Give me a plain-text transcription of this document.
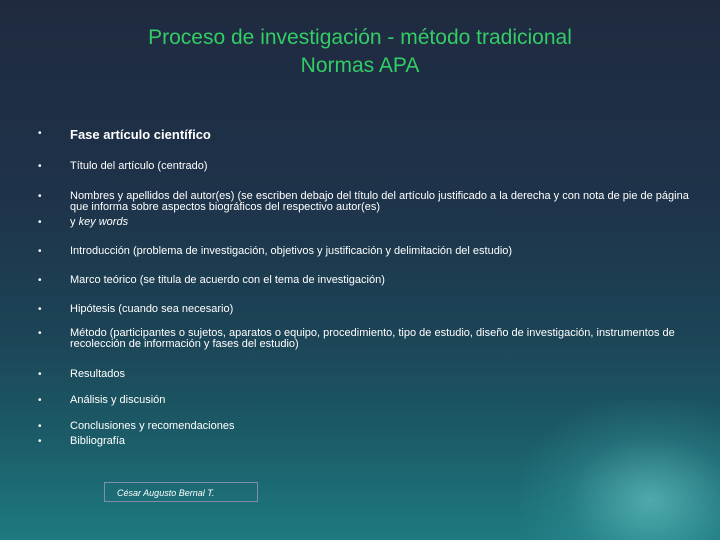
Proceso de investigación - método tradicional
Normas APA
•	Fase artículo científico
•	Título del artículo (centrado)
•	Nombres y apellidos del autor(es) (se escriben debajo del título del artículo justificado a la derecha y con nota de pie de página que informa sobre aspectos biográficos del respectivo autor(es)
•	y key words
•	Introducción (problema de investigación, objetivos y justificación y delimitación del estudio)
•	Marco teórico (se titula de acuerdo con el tema de investigación)
•	Hipótesis (cuando sea necesario)
•	Método (participantes o sujetos, aparatos o equipo, procedimiento, tipo de estudio, diseño de investigación, instrumentos de recolección de información y fases del estudio)
•	Resultados
•	Análisis y discusión
•	Conclusiones y recomendaciones
•	Bibliografía
César Augusto Bernal T.
